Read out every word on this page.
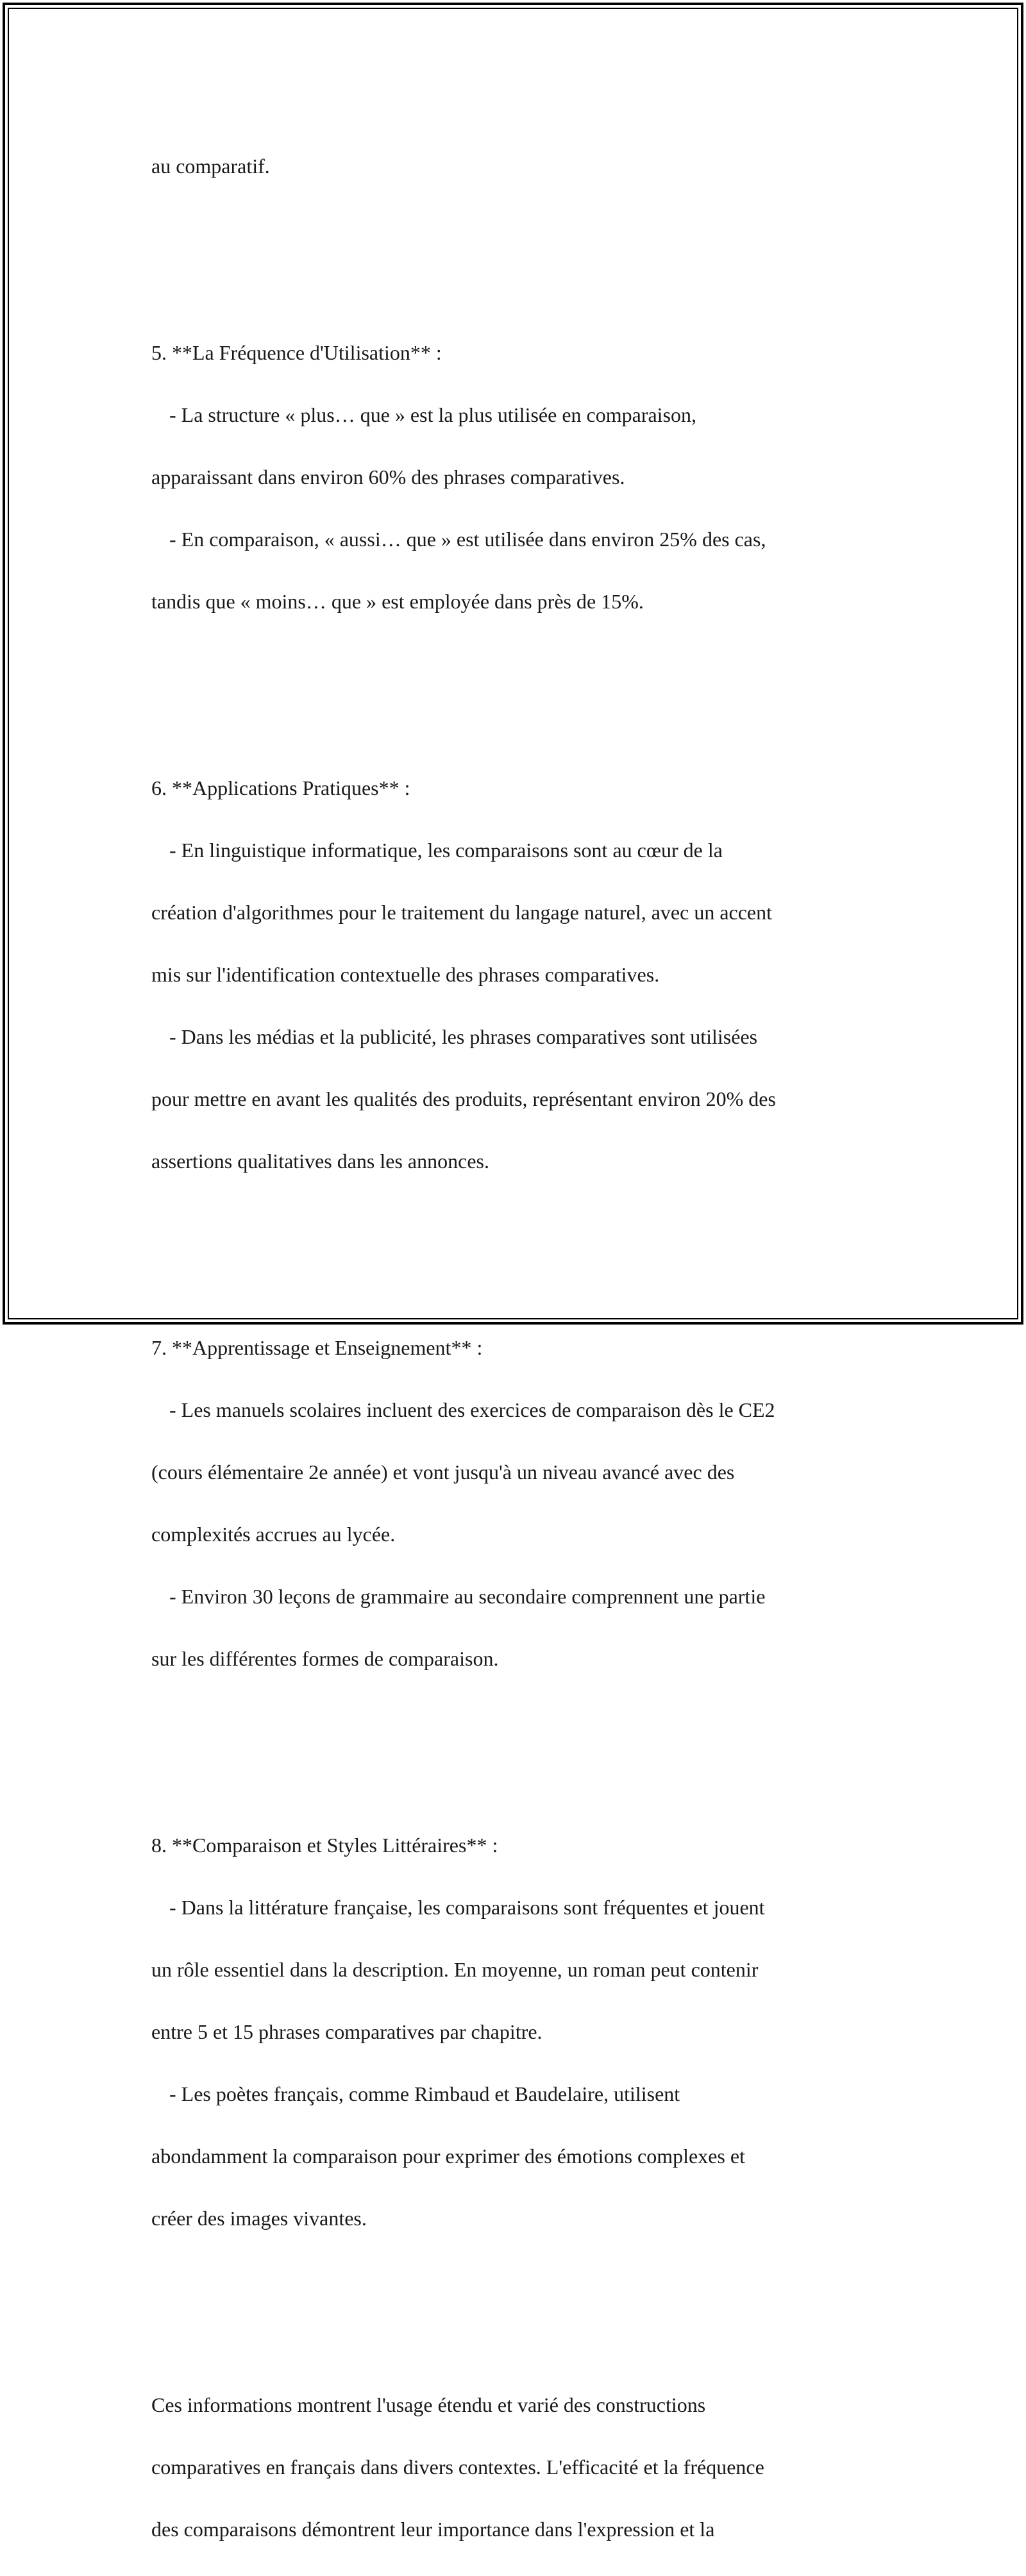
au comparatif.

5. **La Fréquence d'Utilisation** :

- La structure « plus… que » est la plus utilisée en comparaison,

apparaissant dans environ 60% des phrases comparatives.

- En comparaison, « aussi… que » est utilisée dans environ 25% des cas,

tandis que « moins… que » est employée dans près de 15%.

6. **Applications Pratiques** :

- En linguistique informatique, les comparaisons sont au cœur de la

création d'algorithmes pour le traitement du langage naturel, avec un accent

mis sur l'identification contextuelle des phrases comparatives.

- Dans les médias et la publicité, les phrases comparatives sont utilisées

pour mettre en avant les qualités des produits, représentant environ 20% des

assertions qualitatives dans les annonces.

7. **Apprentissage et Enseignement** :

- Les manuels scolaires incluent des exercices de comparaison dès le CE2

(cours élémentaire 2e année) et vont jusqu'à un niveau avancé avec des

complexités accrues au lycée.

- Environ 30 leçons de grammaire au secondaire comprennent une partie

sur les différentes formes de comparaison.

8. **Comparaison et Styles Littéraires** :

- Dans la littérature française, les comparaisons sont fréquentes et jouent

un rôle essentiel dans la description. En moyenne, un roman peut contenir

entre 5 et 15 phrases comparatives par chapitre.

- Les poètes français, comme Rimbaud et Baudelaire, utilisent

abondamment la comparaison pour exprimer des émotions complexes et

créer des images vivantes.

Ces informations montrent l'usage étendu et varié des constructions

comparatives en français dans divers contextes. L'efficacité et la fréquence

des comparaisons démontrent leur importance dans l'expression et la
